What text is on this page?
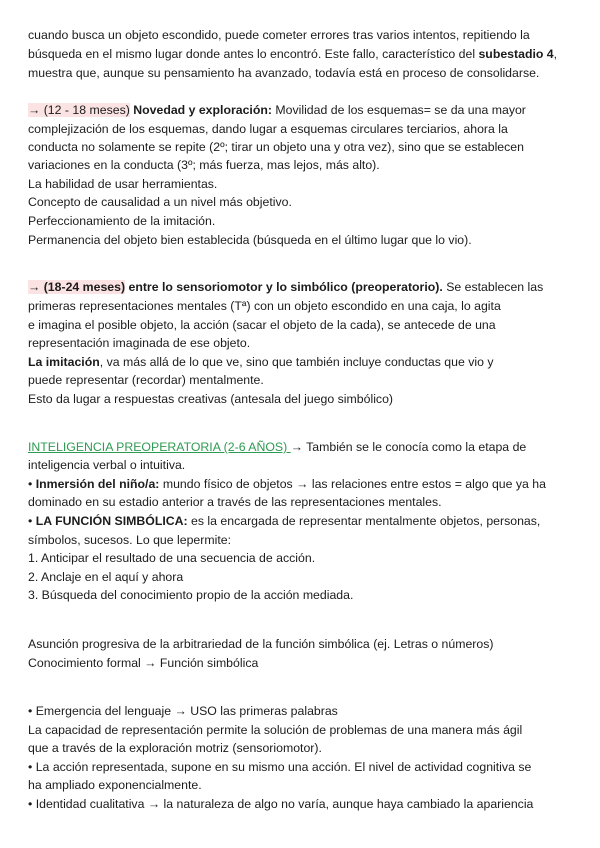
cuando busca un objeto escondido, puede cometer errores tras varios intentos, repitiendo la
búsqueda en el mismo lugar donde antes lo encontró. Este fallo, característico del subestadio 4,
muestra que, aunque su pensamiento ha avanzado, todavía está en proceso de consolidarse.
→ (12 - 18 meses) Novedad y exploración: Movilidad de los esquemas= se da una mayor
complejización de los esquemas, dando lugar a esquemas circulares terciarios, ahora la
conducta no solamente se repite (2º; tirar un objeto una y otra vez), sino que se establecen
variaciones en la conducta (3º; más fuerza, mas lejos, más alto).
La habilidad de usar herramientas.
Concepto de causalidad a un nivel más objetivo.
Perfeccionamiento de la imitación.
Permanencia del objeto bien establecida (búsqueda en el último lugar que lo vio).
→ (18-24 meses) entre lo sensoriomotor y lo simbólico (preoperatorio). Se establecen las
primeras representaciones mentales (Tª) con un objeto escondido en una caja, lo agita
e imagina el posible objeto, la acción (sacar el objeto de la cada), se antecede de una
representación imaginada de ese objeto.
La imitación, va más allá de lo que ve, sino que también incluye conductas que vio y
puede representar (recordar) mentalmente.
Esto da lugar a respuestas creativas (antesala del juego simbólico)
INTELIGENCIA PREOPERATORIA (2-6 AÑOS) → También se le conocía como la etapa de
inteligencia verbal o intuitiva.
• Inmersión del niño/a: mundo físico de objetos → las relaciones entre estos = algo que ya ha
dominado en su estadio anterior a través de las representaciones mentales.
• LA FUNCIÓN SIMBÓLICA: es la encargada de representar mentalmente objetos, personas,
símbolos, sucesos. Lo que lepermite:
1. Anticipar el resultado de una secuencia de acción.
2. Anclaje en el aquí y ahora
3. Búsqueda del conocimiento propio de la acción mediada.
Asunción progresiva de la arbitrariedad de la función simbólica (ej. Letras o números)
Conocimiento formal → Función simbólica
• Emergencia del lenguaje → USO las primeras palabras
La capacidad de representación permite la solución de problemas de una manera más ágil
que a través de la exploración motriz (sensoriomotor).
• La acción representada, supone en su mismo una acción. El nivel de actividad cognitiva se
ha ampliado exponencialmente.
• Identidad cualitativa → la naturaleza de algo no varía, aunque haya cambiado la apariencia
